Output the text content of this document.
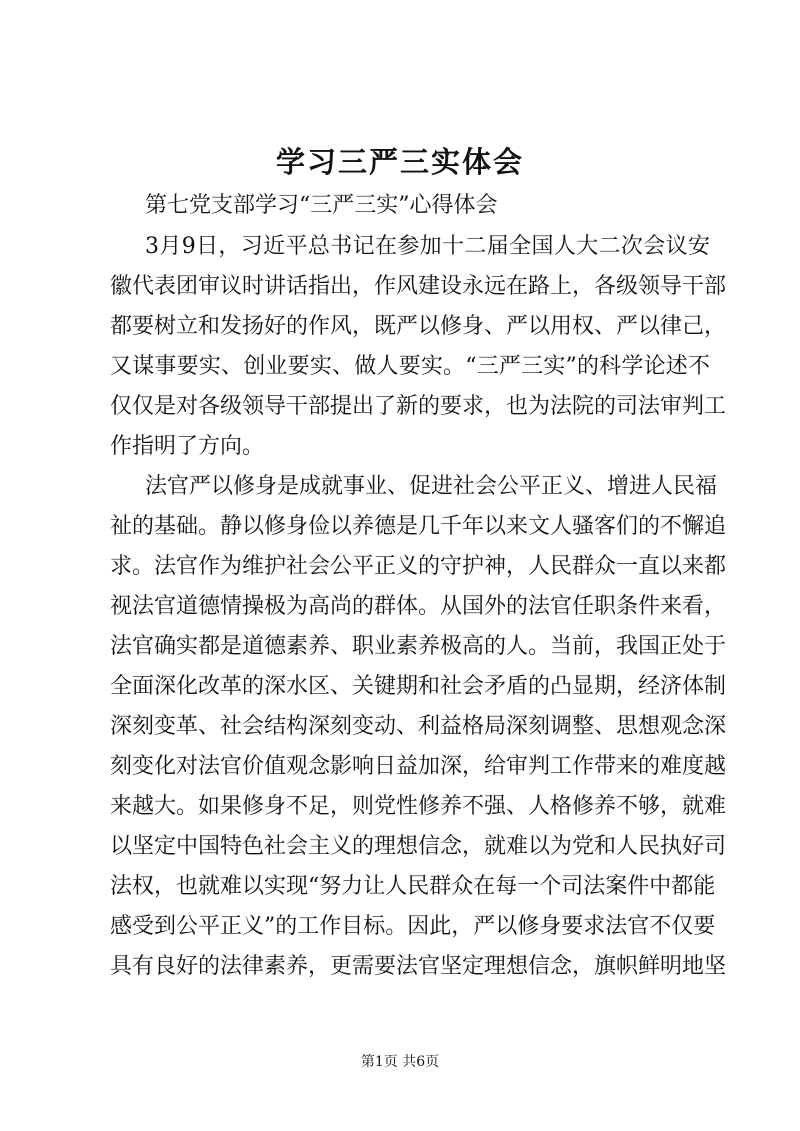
学习三严三实体会
第七党支部学习“三严三实”心得体会
3月9日，习近平总书记在参加十二届全国人大二次会议安
徽代表团审议时讲话指出，作风建设永远在路上，各级领导干部
都要树立和发扬好的作风，既严以修身、严以用权、严以律己，
又谋事要实、创业要实、做人要实。“三严三实”的科学论述不
仅仅是对各级领导干部提出了新的要求，也为法院的司法审判工
作指明了方向。
法官严以修身是成就事业、促进社会公平正义、增进人民福
祉的基础。静以修身俭以养德是几千年以来文人骚客们的不懈追
求。法官作为维护社会公平正义的守护神，人民群众一直以来都
视法官道德情操极为高尚的群体。从国外的法官任职条件来看，
法官确实都是道德素养、职业素养极高的人。当前，我国正处于
全面深化改革的深水区、关键期和社会矛盾的凸显期，经济体制
深刻变革、社会结构深刻变动、利益格局深刻调整、思想观念深
刻变化对法官价值观念影响日益加深，给审判工作带来的难度越
来越大。如果修身不足，则党性修养不强、人格修养不够，就难
以坚定中国特色社会主义的理想信念，就难以为党和人民执好司
法权，也就难以实现“努力让人民群众在每一个司法案件中都能
感受到公平正义”的工作目标。因此，严以修身要求法官不仅要
具有良好的法律素养，更需要法官坚定理想信念，旗帜鲜明地坚
第1页 共6页
